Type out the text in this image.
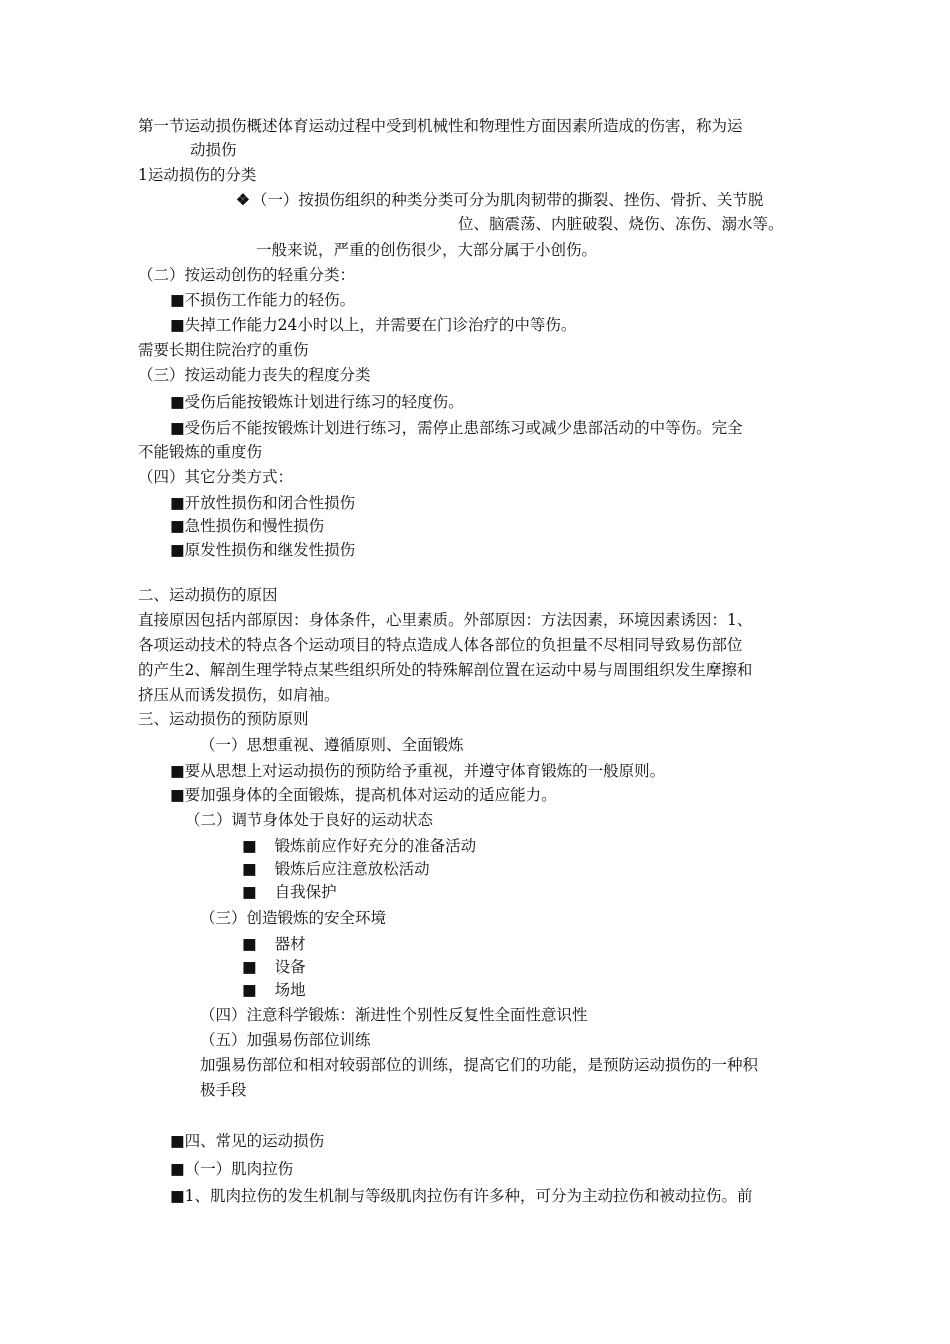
第一节运动损伤概述体育运动过程中受到机械性和物理性方面因素所造成的伤害，称为运
动损伤
1运动损伤的分类
❖ （一）按损伤组织的种类分类可分为肌肉韧带的撕裂、挫伤、骨折、关节脱
位、脑震荡、内脏破裂、烧伤、冻伤、溺水等。
一般来说，严重的创伤很少，大部分属于小创伤。
（二）按运动创伤的轻重分类：
■不损伤工作能力的轻伤。
■失掉工作能力24小时以上，并需要在门诊治疗的中等伤。
需要长期住院治疗的重伤
（三）按运动能力丧失的程度分类
■受伤后能按锻炼计划进行练习的轻度伤。
■受伤后不能按锻炼计划进行练习，需停止患部练习或减少患部活动的中等伤。完全
不能锻炼的重度伤
（四）其它分类方式：
■开放性损伤和闭合性损伤
■急性损伤和慢性损伤
■原发性损伤和继发性损伤
二、运动损伤的原因
直接原因包括内部原因：身体条件，心里素质。外部原因：方法因素，环境因素诱因：1、
各项运动技术的特点各个运动项目的特点造成人体各部位的负担量不尽相同导致易伤部位
的产生2、解剖生理学特点某些组织所处的特殊解剖位置在运动中易与周围组织发生摩擦和
挤压从而诱发损伤，如肩袖。
三、运动损伤的预防原则
（一）思想重视、遵循原则、全面锻炼
■要从思想上对运动损伤的预防给予重视，并遵守体育锻炼的一般原则。
■要加强身体的全面锻炼，提高机体对运动的适应能力。
（二）调节身体处于良好的运动状态
■ 锻炼前应作好充分的准备活动
■ 锻炼后应注意放松活动
■ 自我保护
（三）创造锻炼的安全环境
■ 器材
■ 设备
■ 场地
（四）注意科学锻炼：渐进性个别性反复性全面性意识性
（五）加强易伤部位训练
加强易伤部位和相对较弱部位的训练，提高它们的功能，是预防运动损伤的一种积
极手段
■四、常见的运动损伤
■（一）肌肉拉伤
■1、肌肉拉伤的发生机制与等级肌肉拉伤有许多种，可分为主动拉伤和被动拉伤。前
